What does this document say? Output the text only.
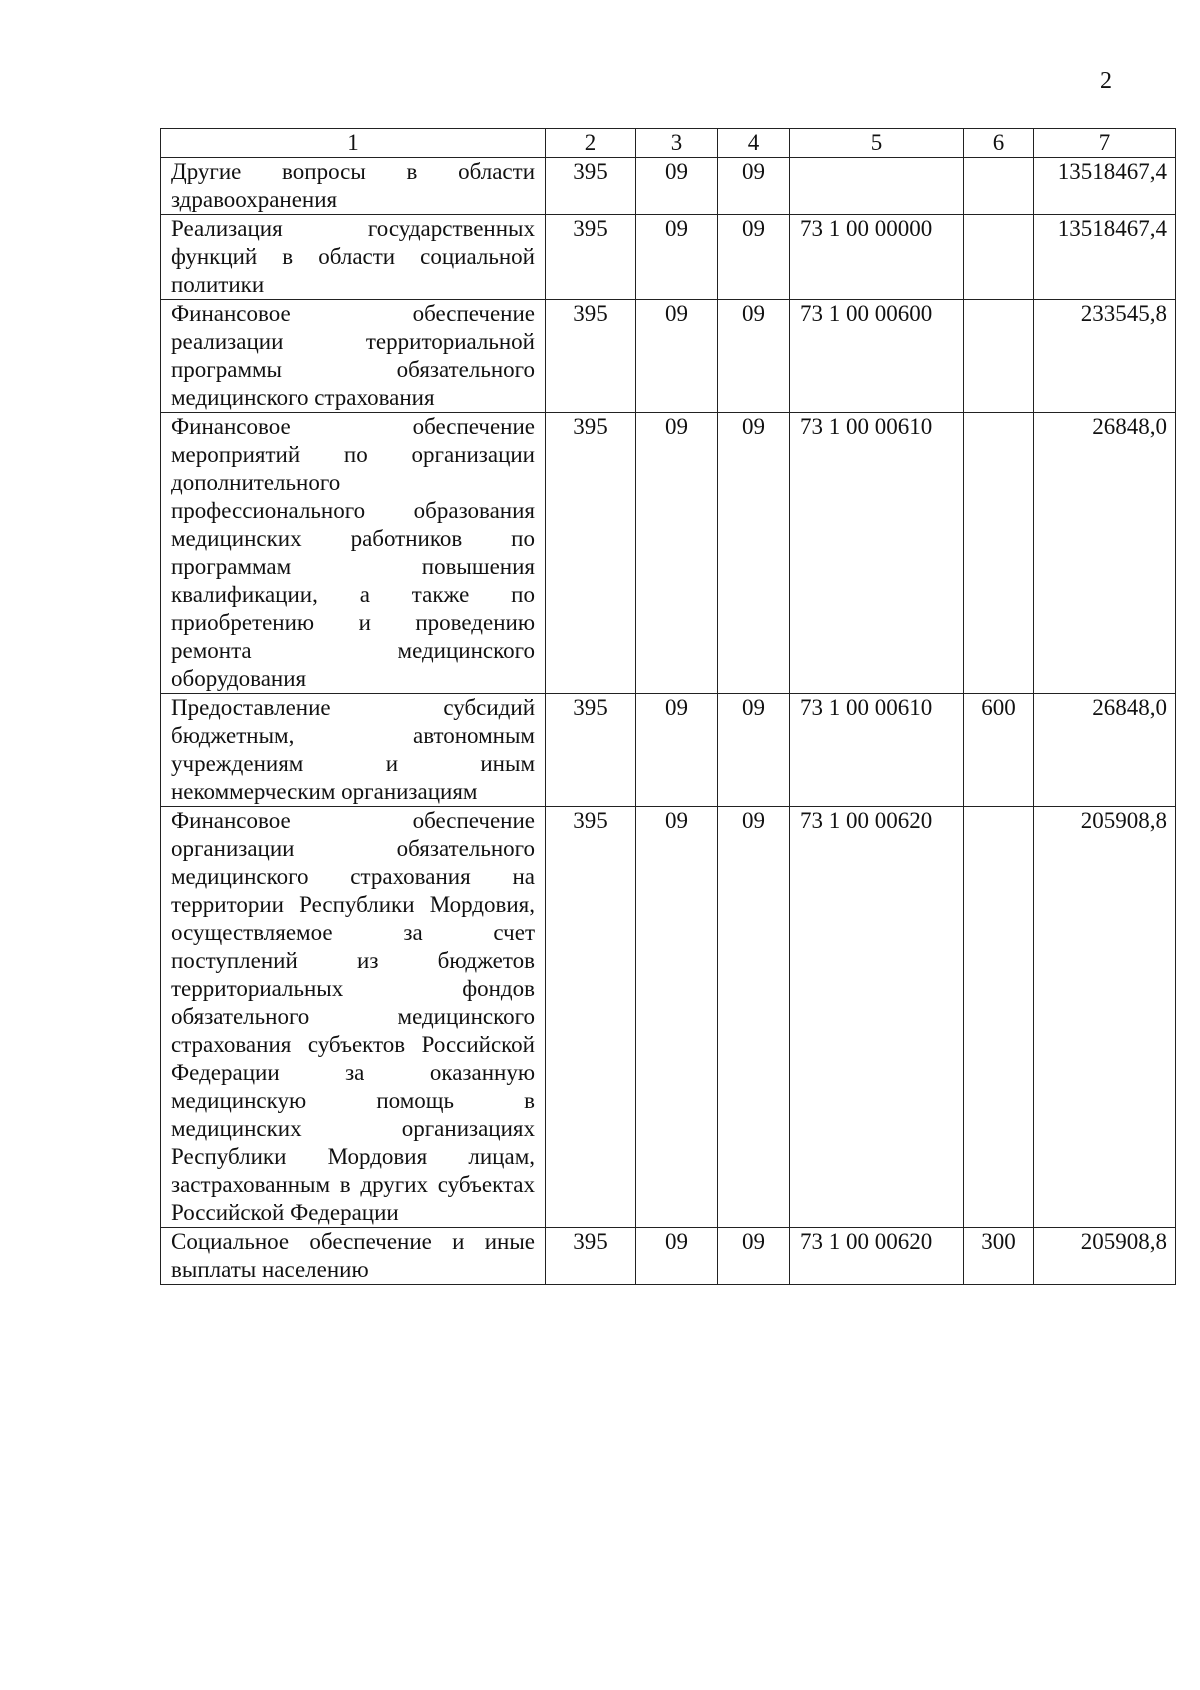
2
1	2	3	4	5	6	7
Другие вопросы в области здравоохранения	395	09	09			13518467,4
Реализация государственных функций в области социальной политики	395	09	09	73 1 00 00000		13518467,4
Финансовое обеспечение реализации территориальной программы обязательного медицинского страхования	395	09	09	73 1 00 00600		233545,8
Финансовое обеспечение мероприятий по организации дополнительного профессионального образования медицинских работников по программам повышения квалификации, а также по приобретению и проведению ремонта медицинского оборудования	395	09	09	73 1 00 00610		26848,0
Предоставление субсидий бюджетным, автономным учреждениям и иным некоммерческим организациям	395	09	09	73 1 00 00610	600	26848,0
Финансовое обеспечение организации обязательного медицинского страхования на территории Республики Мордовия, осуществляемое за счет поступлений из бюджетов территориальных фондов обязательного медицинского страхования субъектов Российской Федерации за оказанную медицинскую помощь в медицинских организациях Республики Мордовия лицам, застрахованным в других субъектах Российской Федерации	395	09	09	73 1 00 00620		205908,8
Социальное обеспечение и иные выплаты населению	395	09	09	73 1 00 00620	300	205908,8
